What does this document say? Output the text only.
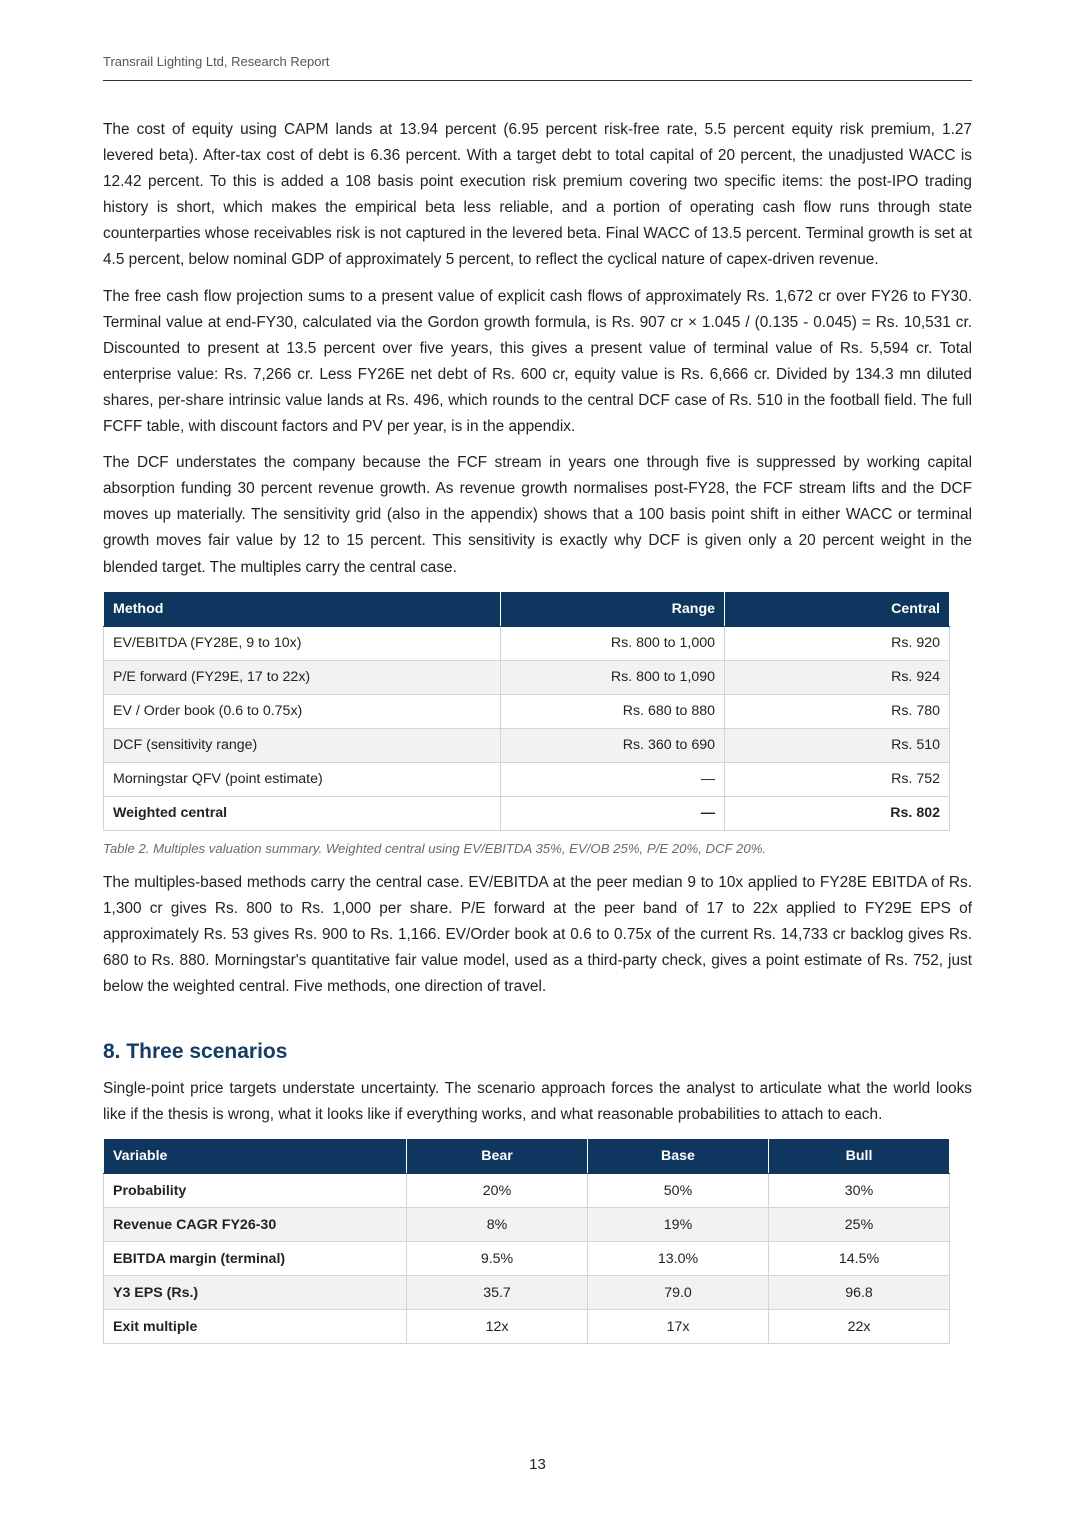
Transrail Lighting Ltd, Research Report

The cost of equity using CAPM lands at 13.94 percent (6.95 percent risk-free rate, 5.5 percent equity risk premium, 1.27 levered beta). After-tax cost of debt is 6.36 percent. With a target debt to total capital of 20 percent, the unadjusted WACC is 12.42 percent. To this is added a 108 basis point execution risk premium covering two specific items: the post-IPO trading history is short, which makes the empirical beta less reliable, and a portion of operating cash flow runs through state counterparties whose receivables risk is not captured in the levered beta. Final WACC of 13.5 percent. Terminal growth is set at 4.5 percent, below nominal GDP of approximately 5 percent, to reflect the cyclical nature of capex-driven revenue.

The free cash flow projection sums to a present value of explicit cash flows of approximately Rs. 1,672 cr over FY26 to FY30. Terminal value at end-FY30, calculated via the Gordon growth formula, is Rs. 907 cr × 1.045 / (0.135 - 0.045) = Rs. 10,531 cr. Discounted to present at 13.5 percent over five years, this gives a present value of terminal value of Rs. 5,594 cr. Total enterprise value: Rs. 7,266 cr. Less FY26E net debt of Rs. 600 cr, equity value is Rs. 6,666 cr. Divided by 134.3 mn diluted shares, per-share intrinsic value lands at Rs. 496, which rounds to the central DCF case of Rs. 510 in the football field. The full FCFF table, with discount factors and PV per year, is in the appendix.

The DCF understates the company because the FCF stream in years one through five is suppressed by working capital absorption funding 30 percent revenue growth. As revenue growth normalises post-FY28, the FCF stream lifts and the DCF moves up materially. The sensitivity grid (also in the appendix) shows that a 100 basis point shift in either WACC or terminal growth moves fair value by 12 to 15 percent. This sensitivity is exactly why DCF is given only a 20 percent weight in the blended target. The multiples carry the central case.

Method	Range	Central
EV/EBITDA (FY28E, 9 to 10x)	Rs. 800 to 1,000	Rs. 920
P/E forward (FY29E, 17 to 22x)	Rs. 800 to 1,090	Rs. 924
EV / Order book (0.6 to 0.75x)	Rs. 680 to 880	Rs. 780
DCF (sensitivity range)	Rs. 360 to 690	Rs. 510
Morningstar QFV (point estimate)	—	Rs. 752
Weighted central	—	Rs. 802
Table 2. Multiples valuation summary. Weighted central using EV/EBITDA 35%, EV/OB 25%, P/E 20%, DCF 20%.

The multiples-based methods carry the central case. EV/EBITDA at the peer median 9 to 10x applied to FY28E EBITDA of Rs. 1,300 cr gives Rs. 800 to Rs. 1,000 per share. P/E forward at the peer band of 17 to 22x applied to FY29E EPS of approximately Rs. 53 gives Rs. 900 to Rs. 1,166. EV/Order book at 0.6 to 0.75x of the current Rs. 14,733 cr backlog gives Rs. 680 to Rs. 880. Morningstar's quantitative fair value model, used as a third-party check, gives a point estimate of Rs. 752, just below the weighted central. Five methods, one direction of travel.

8. Three scenarios

Single-point price targets understate uncertainty. The scenario approach forces the analyst to articulate what the world looks like if the thesis is wrong, what it looks like if everything works, and what reasonable probabilities to attach to each.

Variable	Bear	Base	Bull
Probability	20%	50%	30%
Revenue CAGR FY26-30	8%	19%	25%
EBITDA margin (terminal)	9.5%	13.0%	14.5%
Y3 EPS (Rs.)	35.7	79.0	96.8
Exit multiple	12x	17x	22x
13
